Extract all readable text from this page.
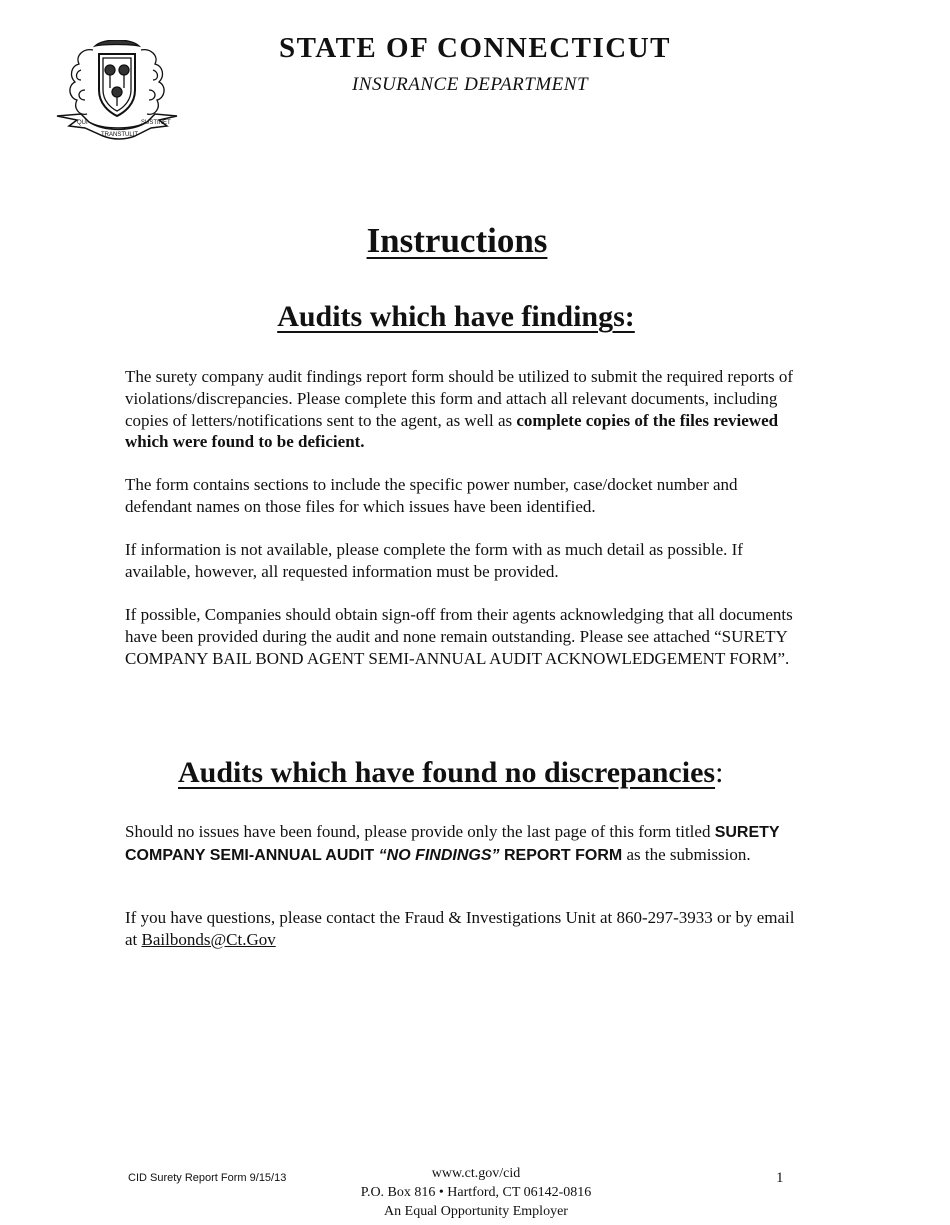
QUI
TRANSTULIT
SUSTINET
STATE OF CONNECTICUT
INSURANCE DEPARTMENT
Instructions
Audits which have findings:
The surety company audit findings report form should be utilized to submit the required reports of violations/discrepancies. Please complete this form and attach all relevant documents, including copies of letters/notifications sent to the agent, as well as complete copies of the files reviewed which were found to be deficient.
The form contains sections to include the specific power number, case/docket number and defendant names on those files for which issues have been identified.
If information is not available, please complete the form with as much detail as possible. If available, however, all requested information must be provided.
If possible, Companies should obtain sign-off from their agents acknowledging that all documents have been provided during the audit and none remain outstanding. Please see attached “SURETY COMPANY BAIL BOND AGENT SEMI-ANNUAL AUDIT ACKNOWLEDGEMENT FORM”.
Audits which have found no discrepancies:
Should no issues have been found, please provide only the last page of this form titled SURETY COMPANY SEMI-ANNUAL AUDIT “NO FINDINGS” REPORT FORM as the submission.
If you have questions, please contact the Fraud & Investigations Unit at 860-297-3933 or by email at Bailbonds@Ct.Gov
CID Surety Report Form 9/15/13	www.ct.gov/cid
P.O. Box 816 • Hartford, CT 06142-0816
An Equal Opportunity Employer
1
